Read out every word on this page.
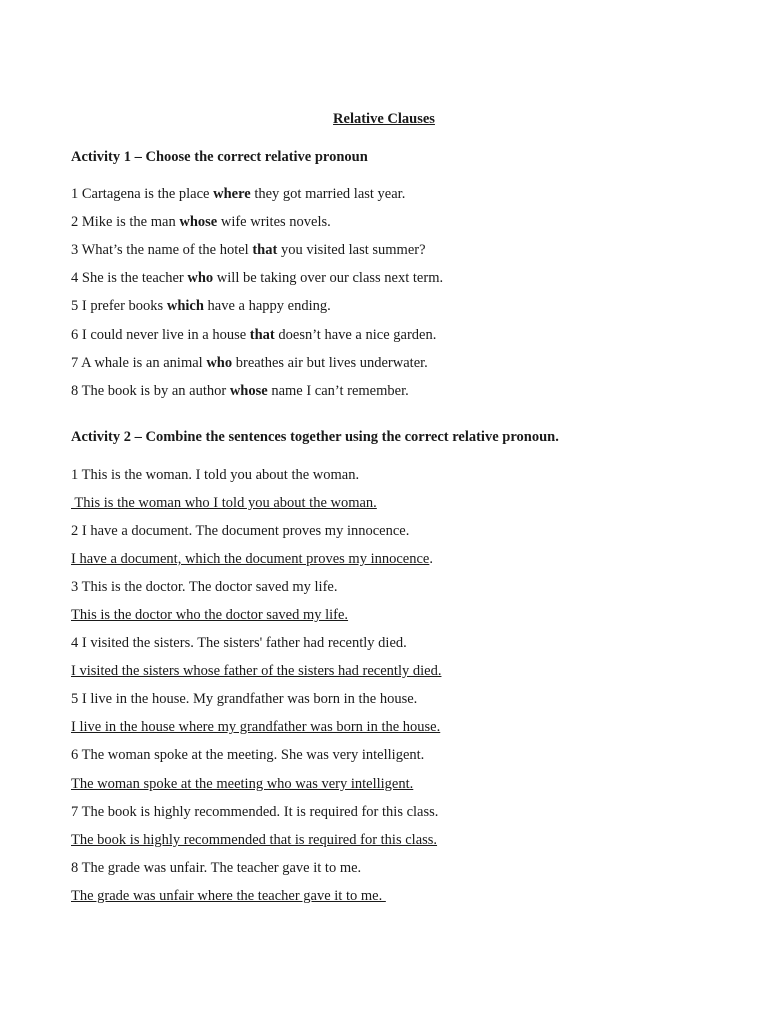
Relative Clauses
Activity 1 – Choose the correct relative pronoun
1 Cartagena is the place where they got married last year.
2 Mike is the man whose wife writes novels.
3 What’s the name of the hotel that you visited last summer?
4 She is the teacher who will be taking over our class next term.
5 I prefer books which have a happy ending.
6 I could never live in a house that doesn’t have a nice garden.
7 A whale is an animal who breathes air but lives underwater.
8 The book is by an author whose name I can’t remember.
Activity 2 – Combine the sentences together using the correct relative pronoun.
1 This is the woman. I told you about the woman.
This is the woman who I told you about the woman.
2 I have a document. The document proves my innocence.
I have a document, which the document proves my innocence.
3 This is the doctor. The doctor saved my life.
This is the doctor who the doctor saved my life.
4 I visited the sisters. The sisters' father had recently died.
I visited the sisters whose father of the sisters had recently died.
5 I live in the house. My grandfather was born in the house.
I live in the house where my grandfather was born in the house.
6 The woman spoke at the meeting. She was very intelligent.
The woman spoke at the meeting who was very intelligent.
7 The book is highly recommended. It is required for this class.
The book is highly recommended that is required for this class.
8 The grade was unfair. The teacher gave it to me.
The grade was unfair where the teacher gave it to me.
